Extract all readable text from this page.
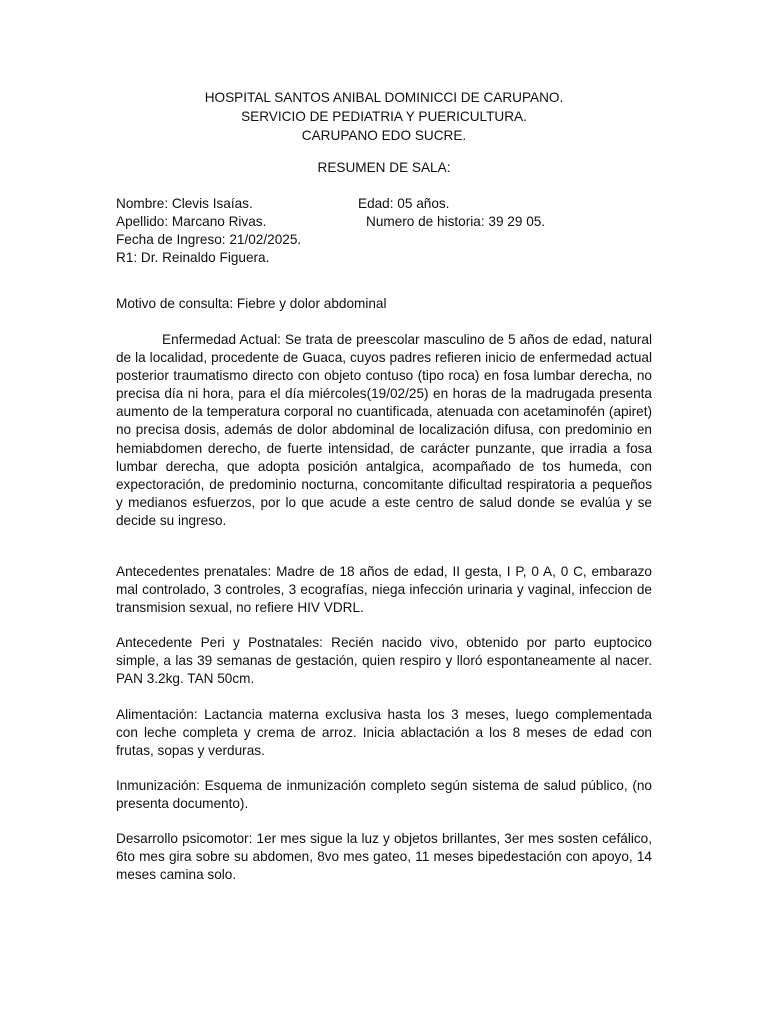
HOSPITAL SANTOS ANIBAL DOMINICCI DE CARUPANO.
SERVICIO DE PEDIATRIA Y PUERICULTURA.
CARUPANO EDO SUCRE.
RESUMEN DE SALA:
Nombre: Clevis Isaías.	Edad: 05 años.
Apellido: Marcano Rivas.	Numero de historia: 39 29 05.
Fecha de Ingreso: 21/02/2025.
R1: Dr. Reinaldo Figuera.

Motivo de consulta: Fiebre y dolor abdominal

Enfermedad Actual: Se trata de preescolar masculino de 5 años de edad, natural de la localidad, procedente de Guaca, cuyos padres refieren inicio de enfermedad actual posterior traumatismo directo con objeto contuso (tipo roca) en fosa lumbar derecha, no precisa día ni hora, para el día miércoles(19/02/25) en horas de la madrugada presenta aumento de la temperatura corporal no cuantificada, atenuada con acetaminofén (apiret) no precisa dosis, además de dolor abdominal de localización difusa, con predominio en hemiabdomen derecho, de fuerte intensidad, de carácter punzante, que irradia a fosa lumbar derecha, que adopta posición antalgica, acompañado de tos humeda, con expectoración, de predominio nocturna, concomitante dificultad respiratoria a pequeños y medianos esfuerzos, por lo que acude a este centro de salud donde se evalúa y se decide su ingreso.

Antecedentes prenatales: Madre de 18 años de edad, II gesta, I P, 0 A, 0 C, embarazo mal controlado, 3 controles, 3 ecografías, niega infección urinaria y vaginal, infeccion de transmision sexual, no refiere HIV VDRL.

Antecedente Peri y Postnatales: Recién nacido vivo, obtenido por parto euptocico simple, a las 39 semanas de gestación, quien respiro y lloró espontaneamente al nacer. PAN 3.2kg. TAN 50cm.

Alimentación: Lactancia materna exclusiva hasta los 3 meses, luego complementada con leche completa y crema de arroz. Inicia ablactación a los 8 meses de edad con frutas, sopas y verduras.

Inmunización: Esquema de inmunización completo según sistema de salud público, (no presenta documento).

Desarrollo psicomotor: 1er mes sigue la luz y objetos brillantes, 3er mes sosten cefálico, 6to mes gira sobre su abdomen, 8vo mes gateo, 11 meses bipedestación con apoyo, 14 meses camina solo.
